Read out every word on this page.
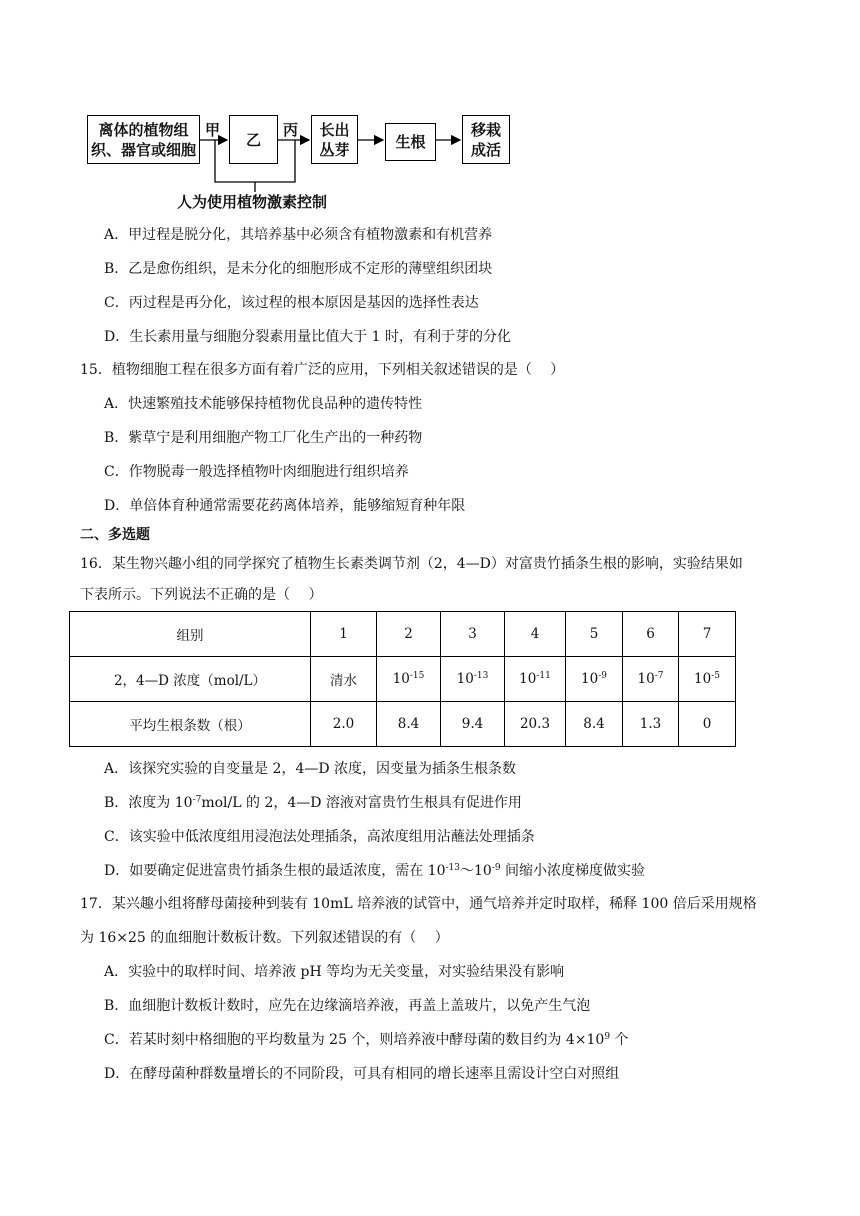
离体的植物组
织、器官或细胞
甲
乙
丙 长出
丛芽	生根
移栽
成活
人为使用植物激素控制
A．甲过程是脱分化，其培养基中必须含有植物激素和有机营养
B．乙是愈伤组织，是未分化的细胞形成不定形的薄壁组织团块
C．丙过程是再分化，该过程的根本原因是基因的选择性表达
D．生长素用量与细胞分裂素用量比值大于 1 时，有利于芽的分化
15．植物细胞工程在很多方面有着广泛的应用，下列相关叙述错误的是（　 ）
A．快速繁殖技术能够保持植物优良品种的遗传特性
B．紫草宁是利用细胞产物工厂化生产出的一种药物
C．作物脱毒一般选择植物叶肉细胞进行组织培养
D．单倍体育种通常需要花药离体培养，能够缩短育种年限
二、多选题
16．某生物兴趣小组的同学探究了植物生长素类调节剂（2，4—D）对富贵竹插条生根的影响，实验结果如
下表所示。下列说法不正确的是（　 ）
组别	1	2	3	4	5	6	7
2，4—D 浓度（mol/L）	清水	$10^{-15}$	$10^{-13}$	$10^{-11}$	$10^{-9}$	$10^{-7}$	$10^{-5}$
平均生根条数（根）	2.0	8.4	9.4	20.3	8.4	1.3	0
A．该探究实验的自变量是 2，4—D 浓度，因变量为插条生根条数
B．浓度为 $10^{-7}mol/L$ 的 2，4—D 溶液对富贵竹生根具有促进作用
C．该实验中低浓度组用浸泡法处理插条，高浓度组用沾蘸法处理插条
D．如要确定促进富贵竹插条生根的最适浓度，需在 $10^{-13}\sim 10^{-9}$ 间缩小浓度梯度做实验
17．某兴趣小组将酵母菌接种到装有 10mL 培养液的试管中，通气培养并定时取样，稀释 100 倍后采用规格
为 16×25 的血细胞计数板计数。下列叙述错误的有（　 ）
A．实验中的取样时间、培养液 pH 等均为无关变量，对实验结果没有影响
B．血细胞计数板计数时，应先在边缘滴培养液，再盖上盖玻片，以免产生气泡
C．若某时刻中格细胞的平均数量为 25 个，则培养液中酵母菌的数目约为 $4\times 10^9$ 个
D．在酵母菌种群数量增长的不同阶段，可具有相同的增长速率且需设计空白对照组
